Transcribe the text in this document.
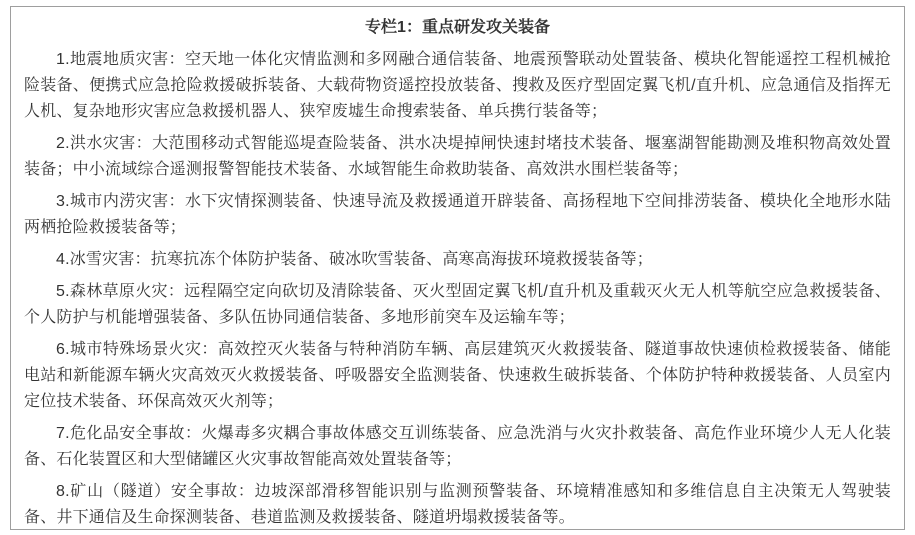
专栏1：重点研发攻关装备

1.地震地质灾害：空天地一体化灾情监测和多网融合通信装备、地震预警联动处置装备、模块化智能遥控工程机械抢险装备、便携式应急抢险救援破拆装备、大载荷物资遥控投放装备、搜救及医疗型固定翼飞机/直升机、应急通信及指挥无人机、复杂地形灾害应急救援机器人、狭窄废墟生命搜索装备、单兵携行装备等；

2.洪水灾害：大范围移动式智能巡堤查险装备、洪水决堤掉闸快速封堵技术装备、堰塞湖智能勘测及堆积物高效处置装备；中小流域综合遥测报警智能技术装备、水域智能生命救助装备、高效洪水围栏装备等；

3.城市内涝灾害：水下灾情探测装备、快速导流及救援通道开辟装备、高扬程地下空间排涝装备、模块化全地形水陆两栖抢险救援装备等；

4.冰雪灾害：抗寒抗冻个体防护装备、破冰吹雪装备、高寒高海拔环境救援装备等；

5.森林草原火灾：远程隔空定向砍切及清除装备、灭火型固定翼飞机/直升机及重载灭火无人机等航空应急救援装备、个人防护与机能增强装备、多队伍协同通信装备、多地形前突车及运输车等；

6.城市特殊场景火灾：高效控灭火装备与特种消防车辆、高层建筑灭火救援装备、隧道事故快速侦检救援装备、储能电站和新能源车辆火灾高效灭火救援装备、呼吸器安全监测装备、快速救生破拆装备、个体防护特种救援装备、人员室内定位技术装备、环保高效灭火剂等；

7.危化品安全事故：火爆毒多灾耦合事故体感交互训练装备、应急洗消与火灾扑救装备、高危作业环境少人无人化装备、石化装置区和大型储罐区火灾事故智能高效处置装备等；

8.矿山（隧道）安全事故：边坡深部滑移智能识别与监测预警装备、环境精准感知和多维信息自主决策无人驾驶装备、井下通信及生命探测装备、巷道监测及救援装备、隧道坍塌救援装备等。
